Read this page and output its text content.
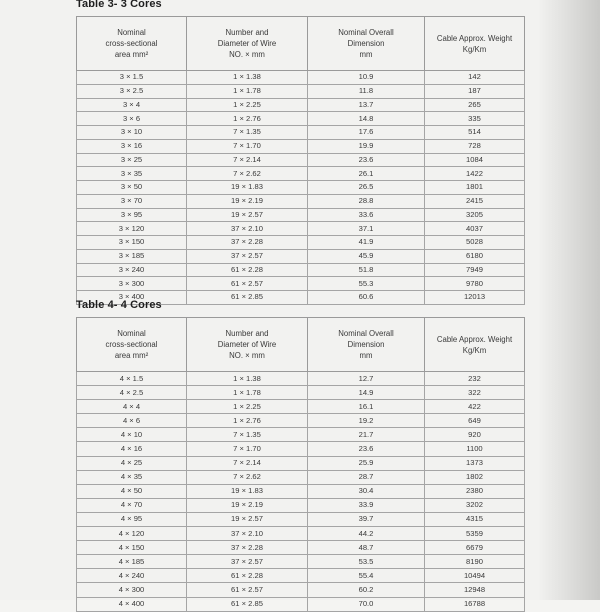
Table 3- 3 Cores
Nominal
cross-sectional
area mm²	Number and
Diameter of Wire
NO. × mm	Nominal Overall
Dimension
mm	Cable Approx. Weight
Kg/Km

3 × 1.5	1 × 1.38	10.9	142
3 × 2.5	1 × 1.78	11.8	187
3 × 4	1 × 2.25	13.7	265
3 × 6	1 × 2.76	14.8	335
3 × 10	7 × 1.35	17.6	514
3 × 16	7 × 1.70	19.9	728
3 × 25	7 × 2.14	23.6	1084
3 × 35	7 × 2.62	26.1	1422
3 × 50	19 × 1.83	26.5	1801
3 × 70	19 × 2.19	28.8	2415
3 × 95	19 × 2.57	33.6	3205
3 × 120	37 × 2.10	37.1	4037
3 × 150	37 × 2.28	41.9	5028
3 × 185	37 × 2.57	45.9	6180
3 × 240	61 × 2.28	51.8	7949
3 × 300	61 × 2.57	55.3	9780
3 × 400	61 × 2.85	60.6	12013
Table 4- 4 Cores
Nominal
cross-sectional
area mm²	Number and
Diameter of Wire
NO. × mm	Nominal Overall
Dimension
mm	Cable Approx. Weight
Kg/Km

4 × 1.5	1 × 1.38	12.7	232
4 × 2.5	1 × 1.78	14.9	322
4 × 4	1 × 2.25	16.1	422
4 × 6	1 × 2.76	19.2	649
4 × 10	7 × 1.35	21.7	920
4 × 16	7 × 1.70	23.6	1100
4 × 25	7 × 2.14	25.9	1373
4 × 35	7 × 2.62	28.7	1802
4 × 50	19 × 1.83	30.4	2380
4 × 70	19 × 2.19	33.9	3202
4 × 95	19 × 2.57	39.7	4315
4 × 120	37 × 2.10	44.2	5359
4 × 150	37 × 2.28	48.7	6679
4 × 185	37 × 2.57	53.5	8190
4 × 240	61 × 2.28	55.4	10494
4 × 300	61 × 2.57	60.2	12948
4 × 400	61 × 2.85	70.0	16788
